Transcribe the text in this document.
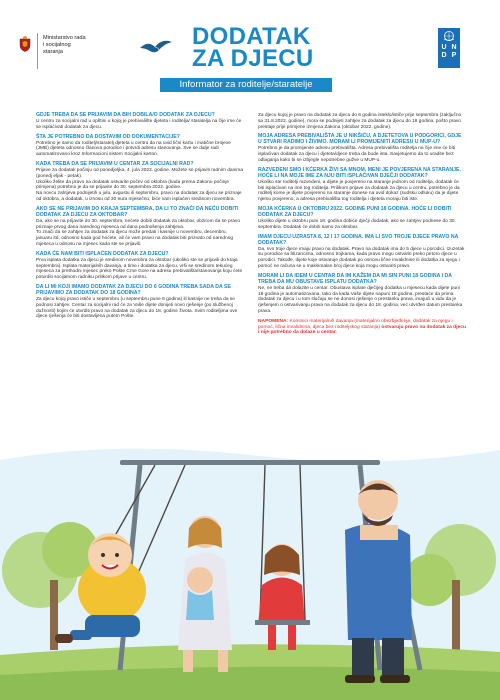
Ministarstvo rada
i socijalnog
staranja
DODATAK
ZA DJECU	U N
D P
Informator za roditelje/staratelje
GDJE TREBA DA SE PRIJAVIM DA BIH DOBILA/O DODATAK ZA DJECU?
U centru za socijalni rad u opštini u kojoj je prebivalište djeteta i roditelja/ staratelja na čije ime će se isplaćivati dodatak za djecu.
ŠTA JE POTREBNO DA DOSTAVIM OD DOKUMENTACIJE?
Potrebno je samo da roditelj/staratelj djeteta u centru da na uvid lični kartu i matične brojeve (JMB) djeteta odnosno članova porodice i potvrdi adresu stanovanja. Sve se dalje radi automatizovano kroz Informacioni sistem Socijalni karton.
KADA TREBA DA SE PRIJAVIM U CENTAR ZA SOCIJALNI RAD?
Prijave za dodatak počinju od ponedjeljka, 4. jula 2022. godine. Možete se prijaviti radnim danima (ponedj eljak - petak).
Ukoliko želite da pravo na dodatak ostvarite počev od oktobra (kada prema Zakonu počinje primjena) potrebno je da se prijavite do 30. septembra 2022. godine.
Na novcu zahtjeva podnijetih u julu, avgustu ili septembru, pravo na dodatak za djecu se priznaje od oktobra, a dodatak, u iznosu od 30 eura mjesečno, biće vam isplaćen sredinom novembra.
AKO SE NE PRIJAVIM DO KRAJA SEPTEMBRA, DA LI TO ZNAČI DA NEĆU DOBITI DODATAK ZA DJECU ZA OKTOBAR?
Da, ako se na prijavite do 30. septembra, nećete dobiti dodatak za oktobar, obzirom da se pravo priznaje prvog dana narednog mjeseca od dana podnošenja zahtjeva.
To znači da se zahtjev za dodatak za djecu može predati i kasnije u novembru, decembru, januaru itd, odnosno kada god hoćete, ali će vam pravo na dodatak biti priznato od narednog mjeseca u odnosu na mjesec kada ste se prijavili.
KADA ĆE NAM BITI ISPLAĆEN DODATAK ZA DJECU?
Prva isplata dodatka za djecu je sredinom novembra za oktobar (ukoliko ste se prijavili do kraja septembra). Isplata materijalnih davanja, a time i dodatka za djecu, vrši se sredinom tekućeg mjeseca za prethodni mjesec preko Pošte Crne Gore na adresu prebivališta/stanovanja koju ćete potvrditi socijalnom radniku prilikom prijave u centru.
DA LI MI KOJI IMAMO DODATAK ZA DJECU DO 6 GODINA TREBA SADA DA SE PRIJAVIMO ZA DODATAK DO 18 GODINA?
Za djecu kojoj pravo ističe u septembru (u septembru pune 6 godina) ili kasnije ne treba da se podnosi zahtjev. Centar za socijalni rad će za Vaše dijete donijeti novo rješenje (po službenoj dužnosti) kojim će utvrditi pravo na dodatak za djecu do 18. godine života. Svim roditeljima ove djece rješenja će biti dostavljena putem Pošte.
Za djecu kojoj je pravo na dodatak za djecu do 6 godina isteklo/ističe prije septembra (zaključno sa 31.8.2022. godine), mora se podnijeti zahtjev za dodatak za djecu do 18 godina, pošto pravo prestaje prije primjene izmjena Zakona (oktobar 2022. godine).
MOJA ADRESA PREBIVALIŠTA JE U NIKŠIĆU, A DJETETOVA U PODGORICI, GDJE U STVARI RADIMO I ŽIVIMO. MORAM LI PROMIJENITI ADRESU U MUP-U?
Potrebno je da promijenite adresu prebivališta. Adresa prebivališta roditelja na čije ime će biti isplaćivan dodatak za djecu i djeteta/djece treba da bude ista. Savjetujemo da to uradite bez odlaganja kako bi se izbjegle nepotrebne gužve u MUP-u.
RAZVEDENI SMO I KĆERKA ŽIVI SA MNOM, MENI JE POVJERENA NA STARANJE. HOĆE LI NA MOJE IME ZA NJU BITI ISPLAĆIVAN DJEČJI DODATAK?
Ukoliko ste roditelji razvedeni, a dijete je povjereno na staranje jednom od roditelja, dodatak će biti isplaćivan na ime tog roditelja. Prilikom prijave za dodatak za djecu u centru, potrebno je da roditelj kome je dijete povjereno na staranje donese na uvid dokaz (sudsku odluku) da je dijete njemu povjereno, a adresa prebivališta tog roditelja i djeteta moraju biti iste.
MOJA KĆERKA U OKTOBRU 2022. GODINE PUNI 18 GODINA. HOĆE LI DOBITI DODATAK ZA DJECU?
Ukoliko dijete u oktobru puni 18. godina dobiće dječji dodatak, ako se zahtjev podnese do 30. septembra. Dodatak će dobiti samo za oktobar.
IMAM DJECU UZRASTA 8, 12 I 17 GODINA. IMA LI SVO TROJE DJECE PRAVO NA DODATAK?
Da, svo troje djece imaju pravo na dodatak. Pravo na dodatak ima do 5 djece u porodici. Izuzetak su porodice sa blizancima, odnosno trojkama, kada pravo mogu ostvariti preko petoro djece u porodici. Takođe, dijete koje ostvaruje dodatak po osnovu lične invalidnine ili dodatka za njegu i pomoć ne računa se u maksimalan broj djece koja mogu ostvariti pravo.
MORAM LI DA IDEM U CENTAR DA IM KAŽEM DA MI SIN PUNI 18 GODINA I DA TREBA DA MU OBUSTAVE ISPLATU DODATKA?
Ne, ne treba da dolazite u centar. Obustava isplate dječijeg dodatka u mjesecu kada dijete puni 18 godina je automatizovana, tako da kada Vaše dijete napuni 18 godina, prestaće da prima dodatak za djecu i u tom slučaju se ne donosi rješenje o prestanku prava, imajući u vidu da je rješenjem o ostvarivanju prava na dodatak za djecu do 18. godina, već utvrđen datum prestanka prava.
NAPOMENA: Korisnici materijalnih davanja (materijalno obezbjeđenje, dodatak za njegu i pomoć, lična invalidnina, djeca bez roditeljskog staranja) ostvaruju pravo na dodatak za djecu i nije potrebno da dolaze u centar.
